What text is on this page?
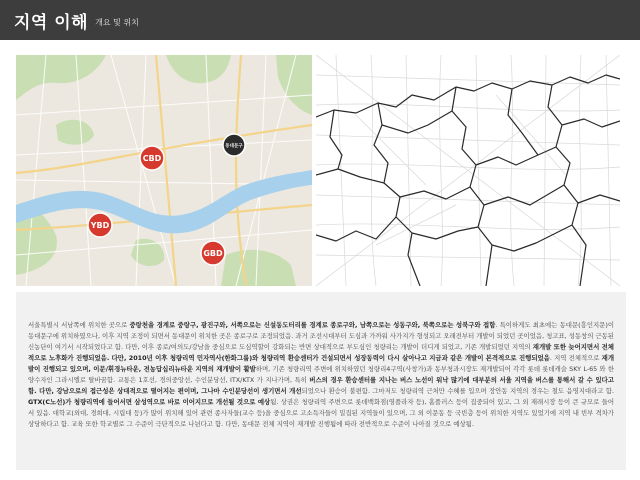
지역 이해 개요 및 위치
CBD
YBD
GBD
동대문구
서울특별시 서남쪽에 위치한 곳으로 중랑천을 경계로 중랑구, 광진구와, 서쪽으로는 신설동도터리를 경계로 종로구와, 남쪽으로는 성동구와, 북쪽으로는 성북구와 접함. 특이하게도 최초에는 동대문(흥인지문)이 동대문구에 위치하였으나, 이후 지역 조정이 되면서 동대문이 위치한 곳은 종로구로 조정되었음. 과거 조선시대부터 도심과 가까워 사가지가 형성되고 오래전부터 개발이 되었던 곳이었음, 청고표, 성동창의 근동된 신농단이 여기서 시작되었다고 함. 다만, 이후 종로/여의도/강남을 중심으로 도심역할이 강화되는 반면 상대적으로 부도심인 청량리는 개발이 더디게 되었고, 기존 개발되었던 지역의 재개발 또한 늦어지면서 전체적으로 노후화가 진행되었음. 다만, 2010년 이후 청량리역 민자역사(한화그룹)와 청량리역 환승센터가 건설되면서 성장동력이 다시 살아나고 지금과 같은 개발이 본격적으로 진행되었음. 지역 전체적으로 재개발이 진행되고 있으며, 이문/휘경뉴타운, 전농답십리뉴타운 지역의 재개발이 활발하며, 기존 청량리역 주변에 위치하였던 청량리4구역(사창가)과 동부청과시장도 재개발되어 각각 롯데 롯데캐슬 SKY L-65 와 한양수자인 그라시엘로 탈바꿈함. 교통은 1호선, 경의중앙선, 수인분당선, ITX/KTX 가 지나가며, 특히 버스의 경우 환승센터를 지나는 버스 노선이 워낙 많기에 대부분의 서울 지역을 버스를 통해서 갈 수 있다고 함. 다만, 강남으로의 접근성은 상대적으로 떨어지는 편이며, 그나마 수인분당선이 생기면서 개선되었으나 환승이 불편함. 그마저도 청량리역 근처만 수혜를 입으며 장안동 지역의 경우는 철도 음영지대라고 함. GTX(C노선)가 청량리역에 들어서면 삼성역으로 바로 이어지므로 개선될 것으로 예상됨. 상권은 청량리역 주변으로 롯데백화점(영플라자 등), 홈플러스 등이 집중되어 있고, 그 외 재래시장 등이 큰 규모로 들어서 있음. 대학교(외대, 경희대, 시립대 등)가 많이 위치해 있어 관련 종사자들(교수 등)을 중심으로 고소득자들이 밀집된 지역들이 있으며, 그 외 이문동 등 국빈층 등이 위치한 지역도 있었기에 지역 내 빈부 격차가 상당하다고 함. 교육 또한 학교별로 그 수준이 극단적으로 나뉜다고 함. 다만, 동대문 전체 지역이 재개발 진행됨에 따라 전반적으로 수준이 나아질 것으로 예상됨.
